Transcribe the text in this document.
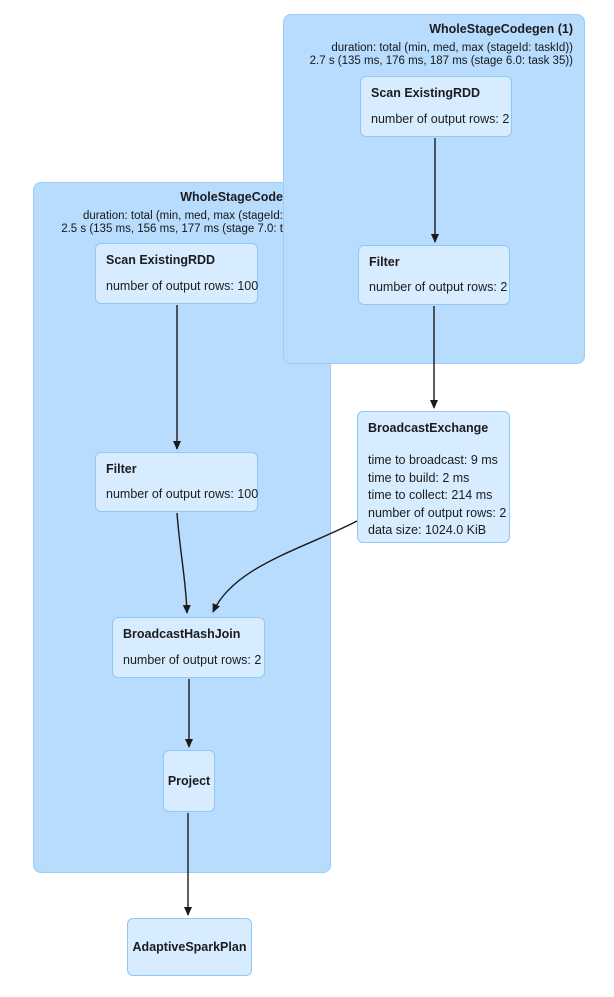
WholeStageCodegen (1)
duration: total (min, med, max (stageId: taskId))
2.7 s (135 ms, 176 ms, 187 ms (stage 6.0: task 35))
WholeStageCode
duration: total (min, med, max (stageId:
2.5 s (135 ms, 156 ms, 177 ms (stage 7.0: t
Scan ExistingRDD
number of output rows: 2
Filter
number of output rows: 2
Scan ExistingRDD
number of output rows: 100
Filter
number of output rows: 100
BroadcastExchange
time to broadcast: 9 ms
time to build: 2 ms
time to collect: 214 ms
number of output rows: 2
data size: 1024.0 KiB
BroadcastHashJoin
number of output rows: 2
Project
AdaptiveSparkPlan
